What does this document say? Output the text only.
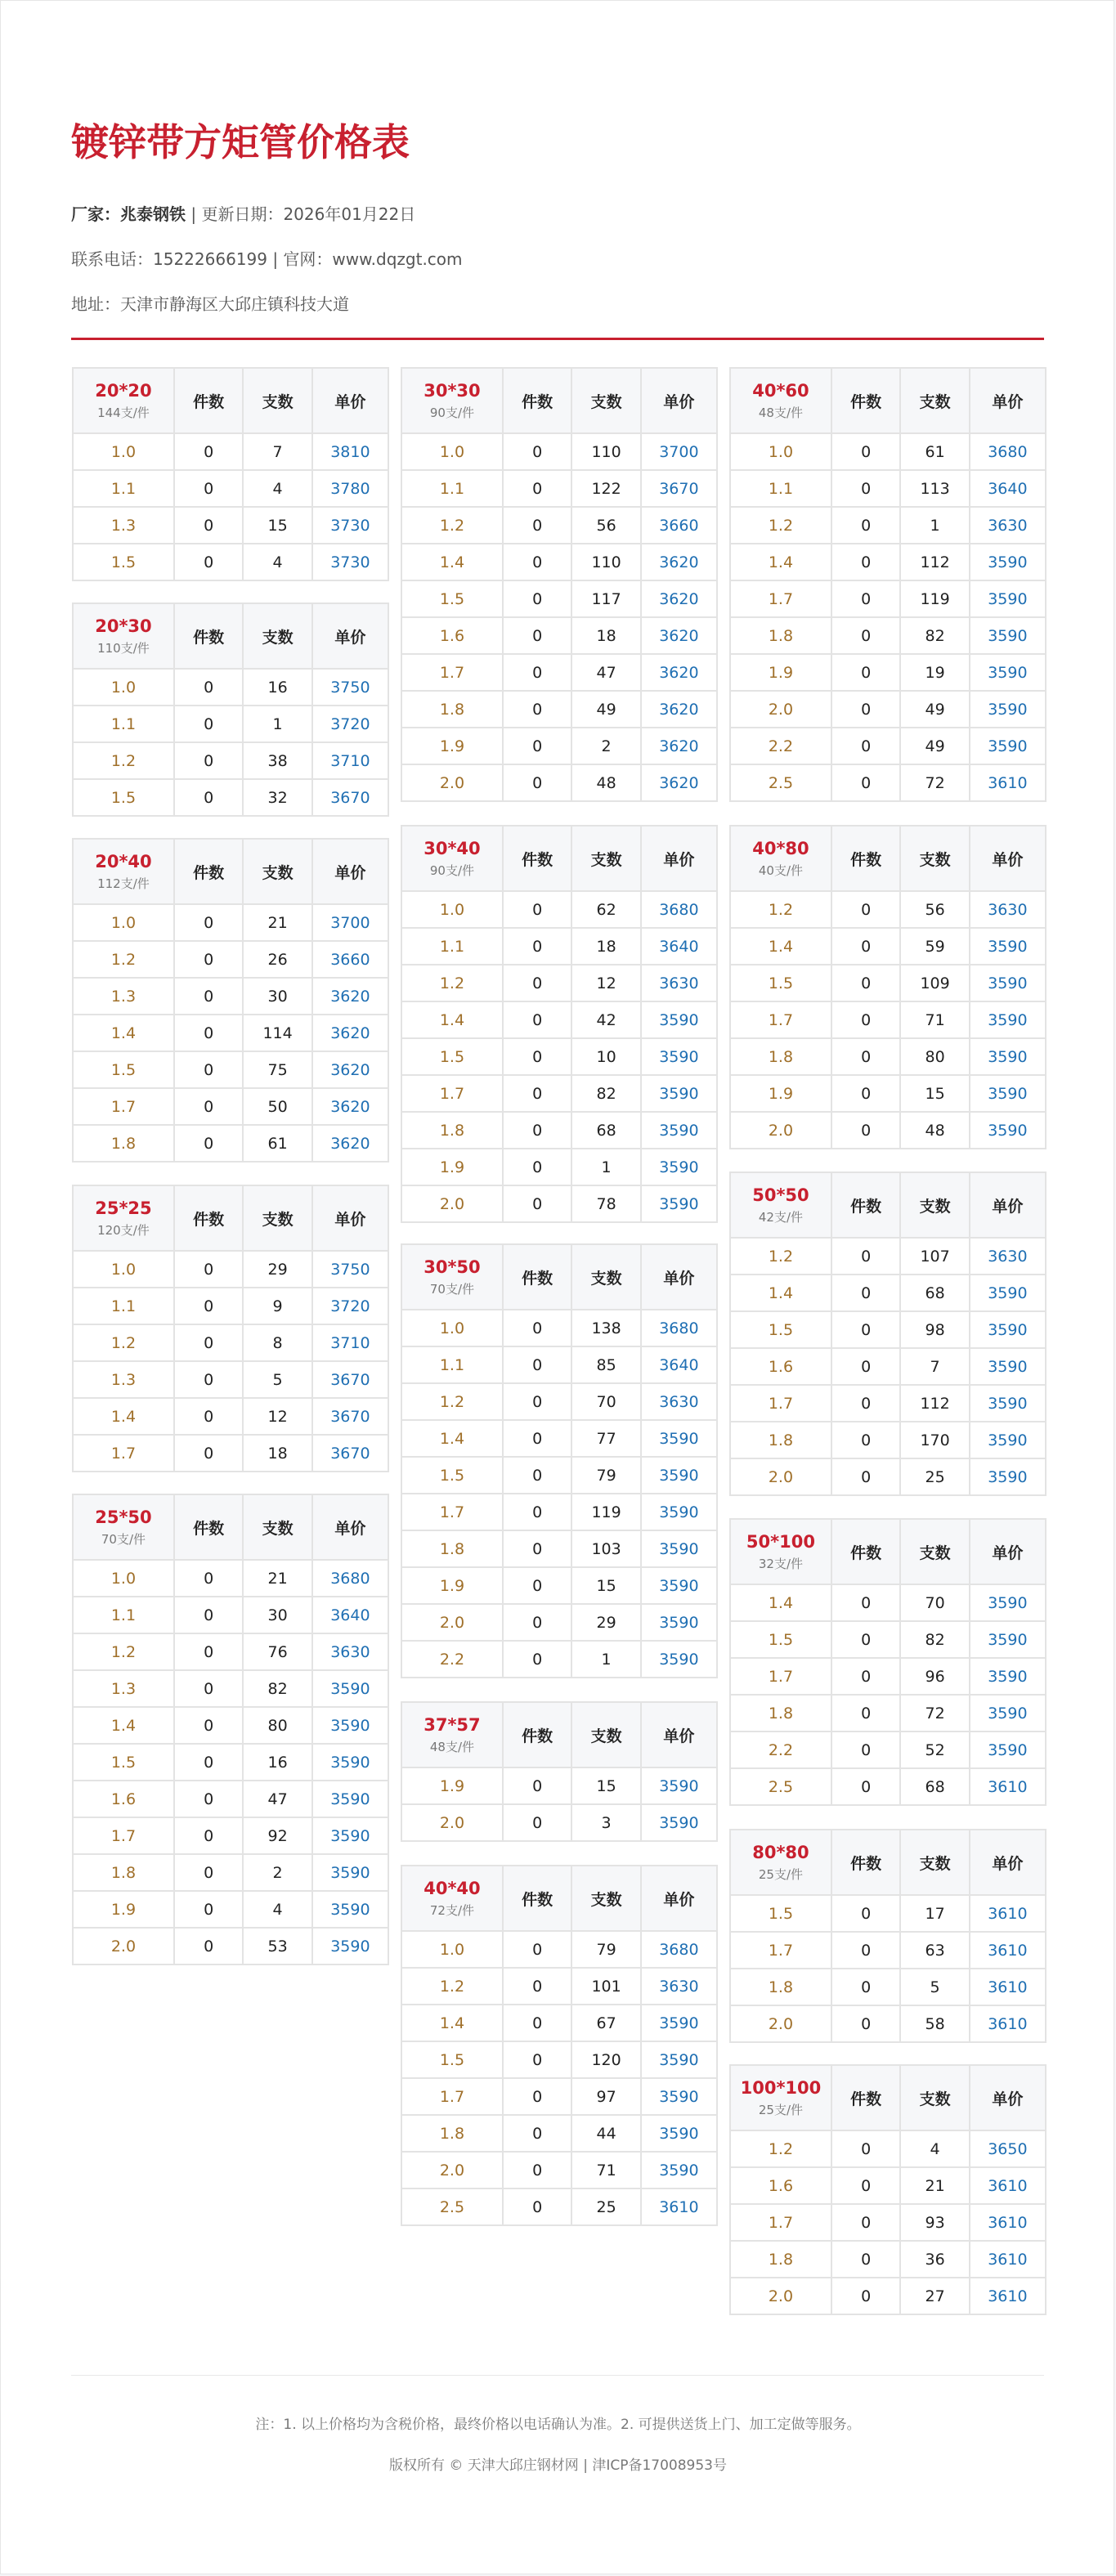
镀锌带方矩管价格表
厂家：兆泰钢铁 | 更新日期：2026年01月22日
联系电话：15222666199 | 官网：www.dqzgt.com
地址：天津市静海区大邱庄镇科技大道
20*20
144支/件	件数	支数	单价
1.0	0	7	3810
1.1	0	4	3780
1.3	0	15	3730
1.5	0	4	3730
20*30
110支/件	件数	支数	单价
1.0	0	16	3750
1.1	0	1	3720
1.2	0	38	3710
1.5	0	32	3670
20*40
112支/件	件数	支数	单价
1.0	0	21	3700
1.2	0	26	3660
1.3	0	30	3620
1.4	0	114	3620
1.5	0	75	3620
1.7	0	50	3620
1.8	0	61	3620
25*25
120支/件	件数	支数	单价
1.0	0	29	3750
1.1	0	9	3720
1.2	0	8	3710
1.3	0	5	3670
1.4	0	12	3670
1.7	0	18	3670
25*50
70支/件	件数	支数	单价
1.0	0	21	3680
1.1	0	30	3640
1.2	0	76	3630
1.3	0	82	3590
1.4	0	80	3590
1.5	0	16	3590
1.6	0	47	3590
1.7	0	92	3590
1.8	0	2	3590
1.9	0	4	3590
2.0	0	53	3590
30*30
90支/件	件数	支数	单价
1.0	0	110	3700
1.1	0	122	3670
1.2	0	56	3660
1.4	0	110	3620
1.5	0	117	3620
1.6	0	18	3620
1.7	0	47	3620
1.8	0	49	3620
1.9	0	2	3620
2.0	0	48	3620
30*40
90支/件	件数	支数	单价
1.0	0	62	3680
1.1	0	18	3640
1.2	0	12	3630
1.4	0	42	3590
1.5	0	10	3590
1.7	0	82	3590
1.8	0	68	3590
1.9	0	1	3590
2.0	0	78	3590
30*50
70支/件	件数	支数	单价
1.0	0	138	3680
1.1	0	85	3640
1.2	0	70	3630
1.4	0	77	3590
1.5	0	79	3590
1.7	0	119	3590
1.8	0	103	3590
1.9	0	15	3590
2.0	0	29	3590
2.2	0	1	3590
37*57
48支/件	件数	支数	单价
1.9	0	15	3590
2.0	0	3	3590
40*40
72支/件	件数	支数	单价
1.0	0	79	3680
1.2	0	101	3630
1.4	0	67	3590
1.5	0	120	3590
1.7	0	97	3590
1.8	0	44	3590
2.0	0	71	3590
2.5	0	25	3610
40*60
48支/件	件数	支数	单价
1.0	0	61	3680
1.1	0	113	3640
1.2	0	1	3630
1.4	0	112	3590
1.7	0	119	3590
1.8	0	82	3590
1.9	0	19	3590
2.0	0	49	3590
2.2	0	49	3590
2.5	0	72	3610
40*80
40支/件	件数	支数	单价
1.2	0	56	3630
1.4	0	59	3590
1.5	0	109	3590
1.7	0	71	3590
1.8	0	80	3590
1.9	0	15	3590
2.0	0	48	3590
50*50
42支/件	件数	支数	单价
1.2	0	107	3630
1.4	0	68	3590
1.5	0	98	3590
1.6	0	7	3590
1.7	0	112	3590
1.8	0	170	3590
2.0	0	25	3590
50*100
32支/件	件数	支数	单价
1.4	0	70	3590
1.5	0	82	3590
1.7	0	96	3590
1.8	0	72	3590
2.2	0	52	3590
2.5	0	68	3610
80*80
25支/件	件数	支数	单价
1.5	0	17	3610
1.7	0	63	3610
1.8	0	5	3610
2.0	0	58	3610
100*100
25支/件	件数	支数	单价
1.2	0	4	3650
1.6	0	21	3610
1.7	0	93	3610
1.8	0	36	3610
2.0	0	27	3610
注：1. 以上价格均为含税价格，最终价格以电话确认为准。2. 可提供送货上门、加工定做等服务。
版权所有 © 天津大邱庄钢材网 | 津ICP备17008953号
